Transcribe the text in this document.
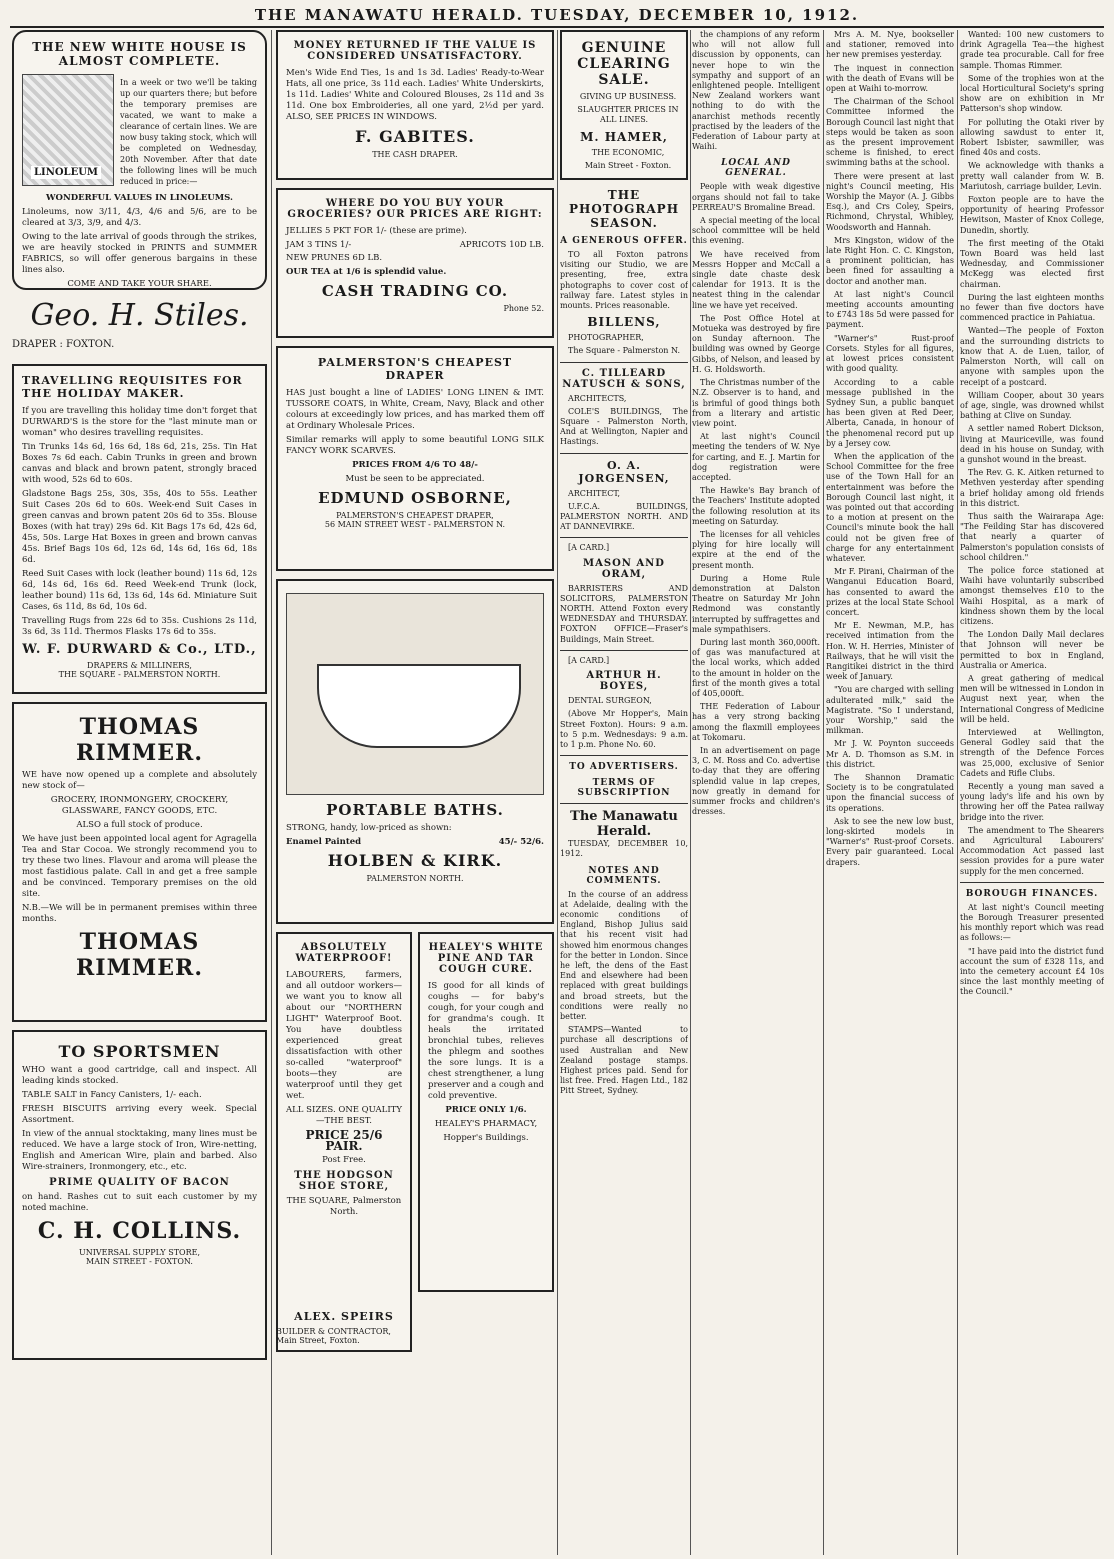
THE MANAWATU HERALD. TUESDAY, DECEMBER 10, 1912.
THE NEW WHITE HOUSE IS ALMOST COMPLETE.
LINOLEUM

In a week or two we'll be taking up our quarters there; but before the temporary premises are vacated, we want to make a clearance of certain lines. We are now busy taking stock, which will be completed on Wednesday, 20th November. After that date the following lines will be much reduced in price:—

WONDERFUL VALUES IN LINOLEUMS.

Linoleums, now 3/11, 4/3, 4/6 and 5/6, are to be cleared at 3/3, 3/9, and 4/3.

Owing to the late arrival of goods through the strikes, we are heavily stocked in PRINTS and SUMMER FABRICS, so will offer generous bargains in these lines also.

COME AND TAKE YOUR SHARE.

Geo. H. Stiles.

DRAPER : FOXTON.

TRAVELLING REQUISITES FOR THE HOLIDAY MAKER.

If you are travelling this holiday time don't forget that DURWARD'S is the store for the "last minute man or woman" who desires travelling requisites.

Tin Trunks 14s 6d, 16s 6d, 18s 6d, 21s, 25s. Tin Hat Boxes 7s 6d each. Cabin Trunks in green and brown canvas and black and brown patent, strongly braced with wood, 52s 6d to 60s.

Gladstone Bags 25s, 30s, 35s, 40s to 55s. Leather Suit Cases 20s 6d to 60s. Week-end Suit Cases in green canvas and brown patent 20s 6d to 35s. Blouse Boxes (with hat tray) 29s 6d. Kit Bags 17s 6d, 42s 6d, 45s, 50s. Large Hat Boxes in green and brown canvas 45s. Brief Bags 10s 6d, 12s 6d, 14s 6d, 16s 6d, 18s 6d.

Reed Suit Cases with lock (leather bound) 11s 6d, 12s 6d, 14s 6d, 16s 6d. Reed Week-end Trunk (lock, leather bound) 11s 6d, 13s 6d, 14s 6d. Miniature Suit Cases, 6s 11d, 8s 6d, 10s 6d.

Travelling Rugs from 22s 6d to 35s. Cushions 2s 11d, 3s 6d, 3s 11d. Thermos Flasks 17s 6d to 35s.

W. F. DURWARD & Co., LTD.,
DRAPERS & MILLINERS,
THE SQUARE - PALMERSTON NORTH.
THOMAS RIMMER.

WE have now opened up a complete and absolutely new stock of—

GROCERY, IRONMONGERY, CROCKERY, GLASSWARE, FANCY GOODS, ETC.

ALSO a full stock of produce.

We have just been appointed local agent for Agragella Tea and Star Cocoa. We strongly recommend you to try these two lines. Flavour and aroma will please the most fastidious palate. Call in and get a free sample and be convinced. Temporary premises on the old site.

N.B.—We will be in permanent premises within three months.

THOMAS RIMMER.
TO SPORTSMEN

WHO want a good cartridge, call and inspect. All leading kinds stocked.

TABLE SALT in Fancy Canisters, 1/- each.

FRESH BISCUITS arriving every week. Special Assortment.

In view of the annual stocktaking, many lines must be reduced. We have a large stock of Iron, Wire-netting, English and American Wire, plain and barbed. Also Wire-strainers, Ironmongery, etc., etc.

PRIME QUALITY OF BACON

on hand. Rashes cut to suit each customer by my noted machine.

C. H. COLLINS.
UNIVERSAL SUPPLY STORE,
MAIN STREET - FOXTON.
MONEY RETURNED IF THE VALUE IS CONSIDERED UNSATISFACTORY.

Men's Wide End Ties, 1s and 1s 3d. Ladies' Ready-to-Wear Hats, all one price, 3s 11d each. Ladies' White Underskirts, 1s 11d. Ladies' White and Coloured Blouses, 2s 11d and 3s 11d. One box Embroideries, all one yard, 2½d per yard. ALSO, SEE PRICES IN WINDOWS.

F. GABITES.
THE CASH DRAPER.
WHERE DO YOU BUY YOUR GROCERIES? OUR PRICES ARE RIGHT:

JELLIES 5 PKT FOR 1/- (these are prime).

JAM 3 TINS 1/-	APRICOTS 10D LB.

NEW PRUNES 6D LB.

OUR TEA at 1/6 is splendid value.

CASH TRADING CO.
Phone 52.
PALMERSTON'S CHEAPEST DRAPER

HAS just bought a line of LADIES' LONG LINEN & IMT. TUSSORE COATS, in White, Cream, Navy, Black and other colours at exceedingly low prices, and has marked them off at Ordinary Wholesale Prices.

Similar remarks will apply to some beautiful LONG SILK FANCY WORK SCARVES.

PRICES FROM 4/6 TO 48/-

Must be seen to be appreciated.

EDMUND OSBORNE,
PALMERSTON'S CHEAPEST DRAPER,
56 MAIN STREET WEST - PALMERSTON N.
PORTABLE BATHS.

STRONG, handy, low-priced as shown:

Enamel Painted	45/- 52/6.
HOLBEN & KIRK.
PALMERSTON NORTH.
ABSOLUTELY WATERPROOF!

LABOURERS, farmers, and all outdoor workers—we want you to know all about our "NORTHERN LIGHT" Waterproof Boot. You have doubtless experienced great dissatisfaction with other so-called "waterproof" boots—they are waterproof until they get wet.

ALL SIZES. ONE QUALITY—THE BEST.

PRICE 25/6 PAIR.

Post Free.

THE HODGSON SHOE STORE,

THE SQUARE, Palmerston North.

HEALEY'S WHITE PINE AND TAR COUGH CURE.

IS good for all kinds of coughs — for baby's cough, for your cough and for grandma's cough. It heals the irritated bronchial tubes, relieves the phlegm and soothes the sore lungs. It is a chest strengthener, a lung preserver and a cough and cold preventive.

PRICE ONLY 1/6.

HEALEY'S PHARMACY,

Hopper's Buildings.

ALEX. SPEIRS
BUILDER & CONTRACTOR,
Main Street, Foxton.
GENUINE CLEARING SALE.

GIVING UP BUSINESS.

SLAUGHTER PRICES IN ALL LINES.

M. HAMER,

THE ECONOMIC,

Main Street - Foxton.

THE PHOTOGRAPH SEASON.
A GENEROUS OFFER.

TO all Foxton patrons visiting our Studio, we are presenting, free, extra photographs to cover cost of railway fare. Latest styles in mounts. Prices reasonable.

BILLENS,

PHOTOGRAPHER,

The Square - Palmerston N.

C. TILLEARD NATUSCH & SONS,

ARCHITECTS,

COLE'S BUILDINGS, The Square - Palmerston North, And at Wellington, Napier and Hastings.

O. A. JORGENSEN,

ARCHITECT,

U.F.C.A. BUILDINGS, PALMERSTON NORTH. AND AT DANNEVIRKE.

[A CARD.]

MASON AND ORAM,

BARRISTERS AND SOLICITORS, PALMERSTON NORTH. Attend Foxton every WEDNESDAY and THURSDAY. FOXTON OFFICE—Fraser's Buildings, Main Street.

[A CARD.]

ARTHUR H. BOYES,

DENTAL SURGEON,

(Above Mr Hopper's, Main Street Foxton). Hours: 9 a.m. to 5 p.m. Wednesdays: 9 a.m. to 1 p.m. Phone No. 60.

TO ADVERTISERS.
TERMS OF SUBSCRIPTION
The Manawatu Herald.

TUESDAY, DECEMBER 10, 1912.

NOTES AND COMMENTS.

In the course of an address at Adelaide, dealing with the economic conditions of England, Bishop Julius said that his recent visit had showed him enormous changes for the better in London. Since he left, the dens of the East End and elsewhere had been replaced with great buildings and broad streets, but the conditions were really no better.

STAMPS—Wanted to purchase all descriptions of used Australian and New Zealand postage stamps. Highest prices paid. Send for list free. Fred. Hagen Ltd., 182 Pitt Street, Sydney.

the champions of any reform who will not allow full discussion by opponents, can never hope to win the sympathy and support of an enlightened people. Intelligent New Zealand workers want nothing to do with the anarchist methods recently practised by the leaders of the Federation of Labour party at Waihi.

LOCAL AND GENERAL.

People with weak digestive organs should not fail to take PERREAU'S Bromaline Bread.

A special meeting of the local school committee will be held this evening.

We have received from Messrs Hopper and McCall a single date chaste desk calendar for 1913. It is the neatest thing in the calendar line we have yet received.

The Post Office Hotel at Motueka was destroyed by fire on Sunday afternoon. The building was owned by George Gibbs, of Nelson, and leased by H. G. Holdsworth.

The Christmas number of the N.Z. Observer is to hand, and is brimful of good things both from a literary and artistic view point.

At last night's Council meeting the tenders of W. Nye for carting, and E. J. Martin for dog registration were accepted.

The Hawke's Bay branch of the Teachers' Institute adopted the following resolution at its meeting on Saturday.

The licenses for all vehicles plying for hire locally will expire at the end of the present month.

During a Home Rule demonstration at Dalston Theatre on Saturday Mr John Redmond was constantly interrupted by suffragettes and male sympathisers.

During last month 360,000ft. of gas was manufactured at the local works, which added to the amount in holder on the first of the month gives a total of 405,000ft.

THE Federation of Labour has a very strong backing among the flaxmill employees at Tokomaru.

In an advertisement on page 3, C. M. Ross and Co. advertise to-day that they are offering splendid value in lap crepes, now greatly in demand for summer frocks and children's dresses.

Mrs A. M. Nye, bookseller and stationer, removed into her new premises yesterday.

The inquest in connection with the death of Evans will be open at Waihi to-morrow.

The Chairman of the School Committee informed the Borough Council last night that steps would be taken as soon as the present improvement scheme is finished, to erect swimming baths at the school.

There were present at last night's Council meeting, His Worship the Mayor (A. J. Gibbs Esq.), and Crs Coley, Speirs, Richmond, Chrystal, Whibley, Woodsworth and Hannah.

Mrs Kingston, widow of the late Right Hon. C. C. Kingston, a prominent politician, has been fined for assaulting a doctor and another man.

At last night's Council meeting accounts amounting to £743 18s 5d were passed for payment.

"Warner's" Rust-proof Corsets. Styles for all figures, at lowest prices consistent with good quality.

According to a cable message published in the Sydney Sun, a public banquet has been given at Red Deer, Alberta, Canada, in honour of the phenomenal record put up by a Jersey cow.

When the application of the School Committee for the free use of the Town Hall for an entertainment was before the Borough Council last night, it was pointed out that according to a motion at present on the Council's minute book the hall could not be given free of charge for any entertainment whatever.

Mr F. Pirani, Chairman of the Wanganui Education Board, has consented to award the prizes at the local State School concert.

Mr E. Newman, M.P., has received intimation from the Hon. W. H. Herries, Minister of Railways, that he will visit the Rangitikei district in the third week of January.

"You are charged with selling adulterated milk," said the Magistrate. "So I understand, your Worship," said the milkman.

Mr J. W. Poynton succeeds Mr A. D. Thomson as S.M. in this district.

The Shannon Dramatic Society is to be congratulated upon the financial success of its operations.

Ask to see the new low bust, long-skirted models in "Warner's" Rust-proof Corsets. Every pair guaranteed. Local drapers.

Wanted: 100 new customers to drink Agragella Tea—the highest grade tea procurable. Call for free sample. Thomas Rimmer.

Some of the trophies won at the local Horticultural Society's spring show are on exhibition in Mr Patterson's shop window.

For polluting the Otaki river by allowing sawdust to enter it, Robert Isbister, sawmiller, was fined 40s and costs.

We acknowledge with thanks a pretty wall calander from W. B. Mariutosh, carriage builder, Levin.

Foxton people are to have the opportunity of hearing Professor Hewitson, Master of Knox College, Dunedin, shortly.

The first meeting of the Otaki Town Board was held last Wednesday, and Commissioner McKegg was elected first chairman.

During the last eighteen months no fewer than five doctors have commenced practice in Pahiatua.

Wanted—The people of Foxton and the surrounding districts to know that A. de Luen, tailor, of Palmerston North, will call on anyone with samples upon the receipt of a postcard.

William Cooper, about 30 years of age, single, was drowned whilst bathing at Clive on Sunday.

A settler named Robert Dickson, living at Mauriceville, was found dead in his house on Sunday, with a gunshot wound in the breast.

The Rev. G. K. Aitken returned to Methven yesterday after spending a brief holiday among old friends in this district.

Thus saith the Wairarapa Age: "The Feilding Star has discovered that nearly a quarter of Palmerston's population consists of school children."

The police force stationed at Waihi have voluntarily subscribed amongst themselves £10 to the Waihi Hospital, as a mark of kindness shown them by the local citizens.

The London Daily Mail declares that Johnson will never be permitted to box in England, Australia or America.

A great gathering of medical men will be witnessed in London in August next year, when the International Congress of Medicine will be held.

Interviewed at Wellington, General Godley said that the strength of the Defence Forces was 25,000, exclusive of Senior Cadets and Rifle Clubs.

Recently a young man saved a young lady's life and his own by throwing her off the Patea railway bridge into the river.

The amendment to The Shearers and Agricultural Labourers' Accommodation Act passed last session provides for a pure water supply for the men concerned.

BOROUGH FINANCES.

At last night's Council meeting the Borough Treasurer presented his monthly report which was read as follows:—

"I have paid into the district fund account the sum of £328 11s, and into the cemetery account £4 10s since the last monthly meeting of the Council."
